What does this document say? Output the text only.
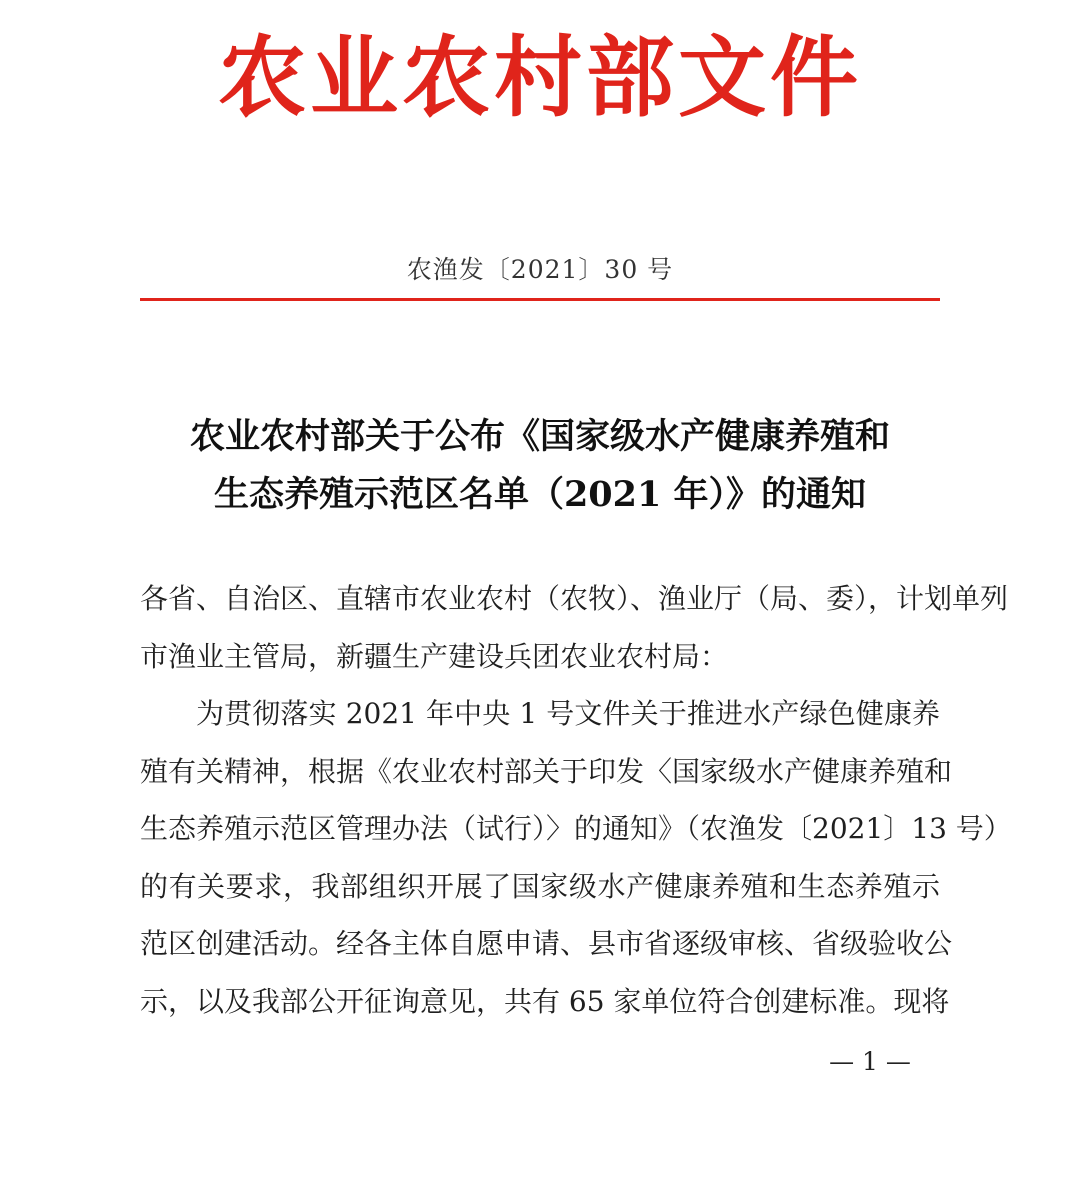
农业农村部文件
农渔发〔2021〕30 号
农业农村部关于公布《国家级水产健康养殖和
生态养殖示范区名单（2021 年）》的通知
各省、自治区、直辖市农业农村（农牧）、渔业厅（局、委），计划单列
市渔业主管局，新疆生产建设兵团农业农村局：
为贯彻落实 2021 年中央 1 号文件关于推进水产绿色健康养
殖有关精神，根据《农业农村部关于印发〈国家级水产健康养殖和
生态养殖示范区管理办法（试行）〉的通知》（农渔发〔2021〕13 号）
的有关要求，我部组织开展了国家级水产健康养殖和生态养殖示
范区创建活动。经各主体自愿申请、县市省逐级审核、省级验收公
示，以及我部公开征询意见，共有 65 家单位符合创建标准。现将
— 1 —
